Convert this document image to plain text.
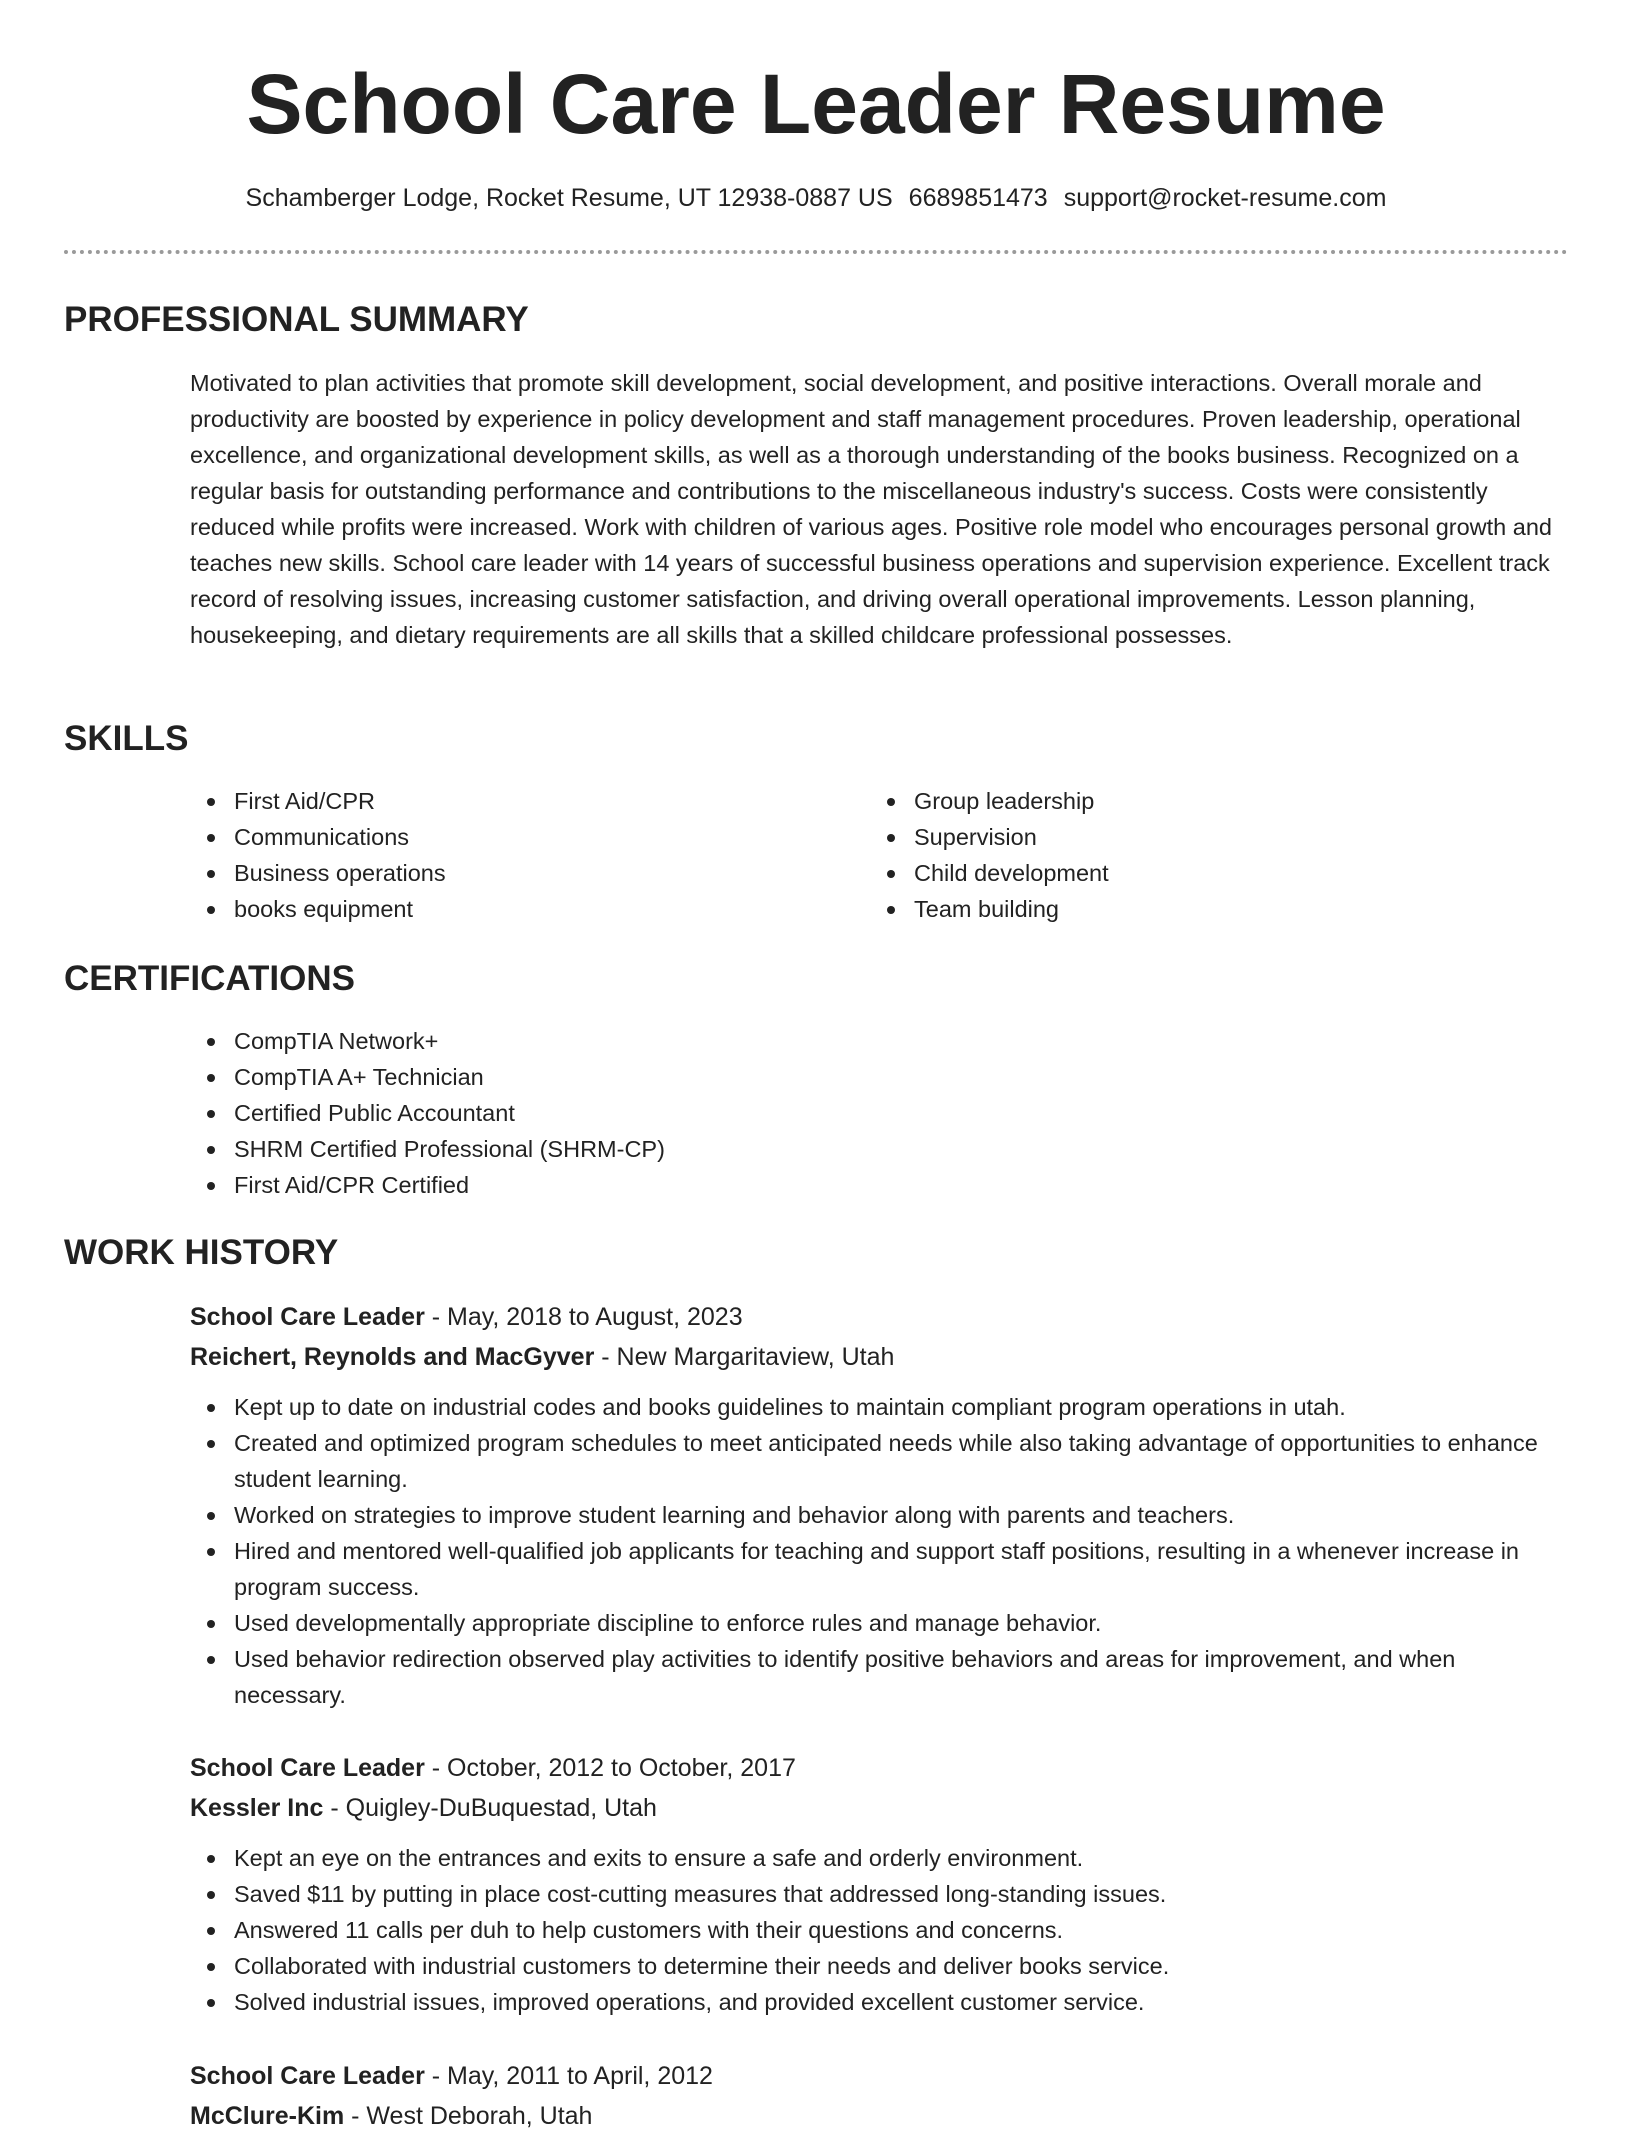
School Care Leader Resume
Schamberger Lodge, Rocket Resume, UT 12938-0887 US 6689851473 support@rocket-resume.com
PROFESSIONAL SUMMARY

Motivated to plan activities that promote skill development, social development, and positive interactions. Overall morale and productivity are boosted by experience in policy development and staff management procedures. Proven leadership, operational excellence, and organizational development skills, as well as a thorough understanding of the books business. Recognized on a regular basis for outstanding performance and contributions to the miscellaneous industry's success. Costs were consistently reduced while profits were increased. Work with children of various ages. Positive role model who encourages personal growth and teaches new skills. School care leader with 14 years of successful business operations and supervision experience. Excellent track record of resolving issues, increasing customer satisfaction, and driving overall operational improvements. Lesson planning, housekeeping, and dietary requirements are all skills that a skilled childcare professional possesses.

SKILLS
First Aid/CPR
Communications
Business operations
books equipment
Group leadership
Supervision
Child development
Team building
CERTIFICATIONS
CompTIA Network+
CompTIA A+ Technician
Certified Public Accountant
SHRM Certified Professional (SHRM-CP)
First Aid/CPR Certified
WORK HISTORY
School Care Leader - May, 2018 to August, 2023
Reichert, Reynolds and MacGyver - New Margaritaview, Utah
Kept up to date on industrial codes and books guidelines to maintain compliant program operations in utah.
Created and optimized program schedules to meet anticipated needs while also taking advantage of opportunities to enhance student learning.
Worked on strategies to improve student learning and behavior along with parents and teachers.
Hired and mentored well-qualified job applicants for teaching and support staff positions, resulting in a whenever increase in program success.
Used developmentally appropriate discipline to enforce rules and manage behavior.
Used behavior redirection observed play activities to identify positive behaviors and areas for improvement, and when necessary.
School Care Leader - October, 2012 to October, 2017
Kessler Inc - Quigley-DuBuquestad, Utah
Kept an eye on the entrances and exits to ensure a safe and orderly environment.
Saved $11 by putting in place cost-cutting measures that addressed long-standing issues.
Answered 11 calls per duh to help customers with their questions and concerns.
Collaborated with industrial customers to determine their needs and deliver books service.
Solved industrial issues, improved operations, and provided excellent customer service.
School Care Leader - May, 2011 to April, 2012
McClure-Kim - West Deborah, Utah
